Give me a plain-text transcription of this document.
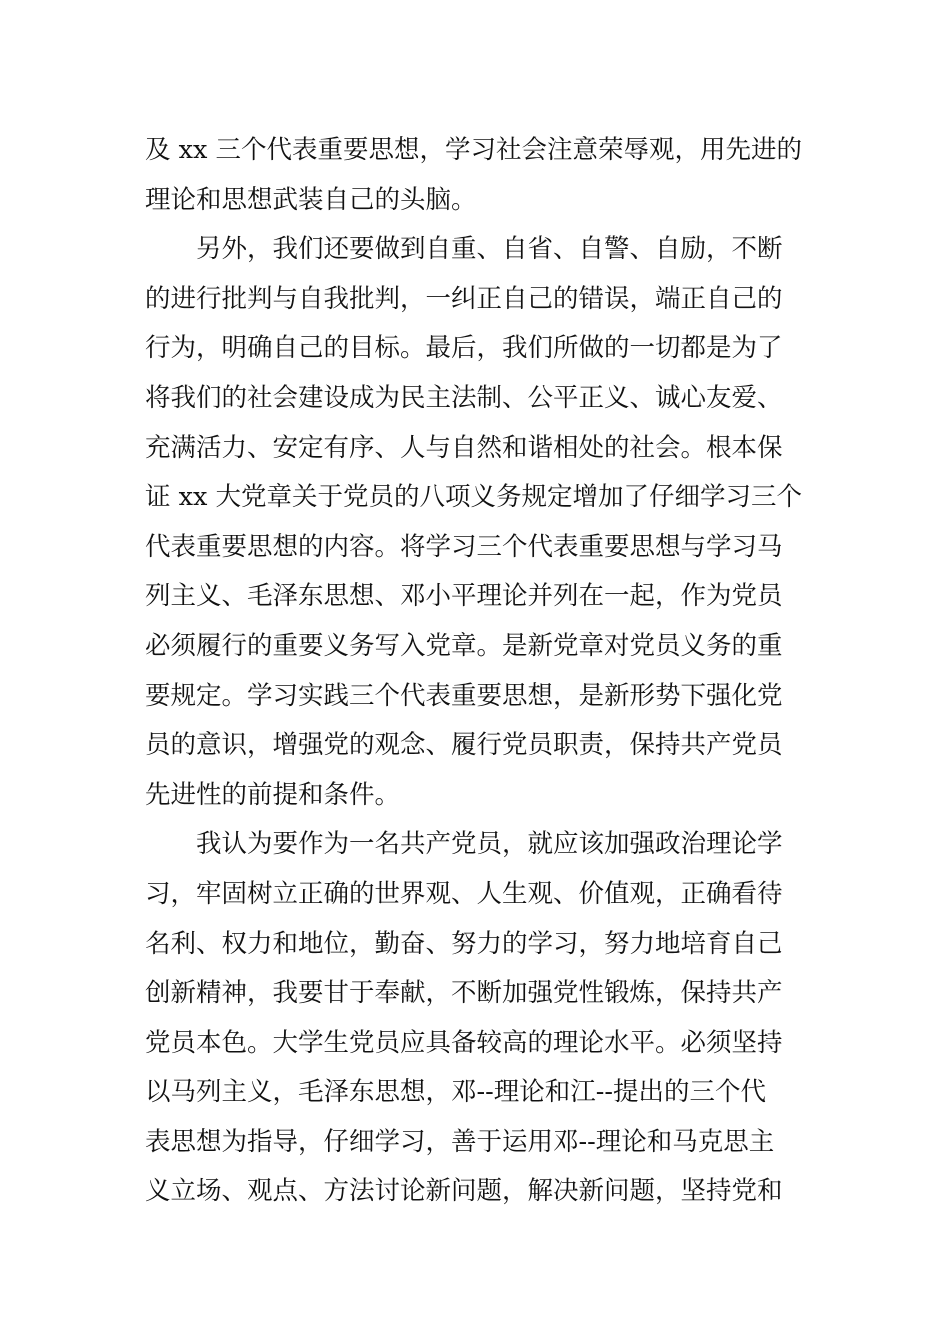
及 xx 三个代表重要思想，学习社会注意荣辱观，用先进的
理论和思想武装自己的头脑。
另外，我们还要做到自重、自省、自警、自励，不断
的进行批判与自我批判，一纠正自己的错误，端正自己的
行为，明确自己的目标。最后，我们所做的一切都是为了
将我们的社会建设成为民主法制、公平正义、诚心友爱、
充满活力、安定有序、人与自然和谐相处的社会。根本保
证 xx 大党章关于党员的八项义务规定增加了仔细学习三个
代表重要思想的内容。将学习三个代表重要思想与学习马
列主义、毛泽东思想、邓小平理论并列在一起，作为党员
必须履行的重要义务写入党章。是新党章对党员义务的重
要规定。学习实践三个代表重要思想，是新形势下强化党
员的意识，增强党的观念、履行党员职责，保持共产党员
先进性的前提和条件。
我认为要作为一名共产党员，就应该加强政治理论学
习，牢固树立正确的世界观、人生观、价值观，正确看待
名利、权力和地位，勤奋、努力的学习，努力地培育自己
创新精神，我要甘于奉献，不断加强党性锻炼，保持共产
党员本色。大学生党员应具备较高的理论水平。必须坚持
以马列主义，毛泽东思想，邓--理论和江--提出的三个代
表思想为指导，仔细学习，善于运用邓--理论和马克思主
义立场、观点、方法讨论新问题，解决新问题，坚持党和
